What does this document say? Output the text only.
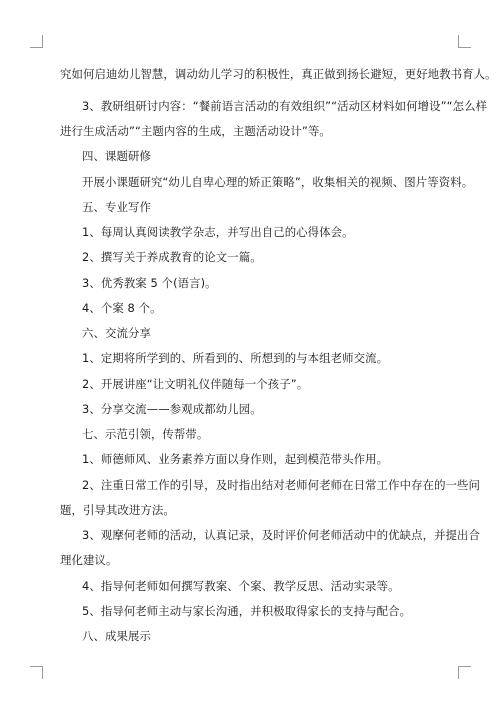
究如何启迪幼儿智慧，调动幼儿学习的积极性，真正做到扬长避短，更好地教书育人。
3、教研组研讨内容：“餐前语言活动的有效组织”“活动区材料如何增设”“怎么样
进行生成活动”“主题内容的生成，主题活动设计”等。
四、课题研修
开展小课题研究“幼儿自卑心理的矫正策略”，收集相关的视频、图片等资料。
五、专业写作
1、每周认真阅读教学杂志，并写出自己的心得体会。
2、撰写关于养成教育的论文一篇。
3、优秀教案 5 个(语言)。
4、个案 8 个。
六、交流分享
1、定期将所学到的、所看到的、所想到的与本组老师交流。
2、开展讲座“让文明礼仪伴随每一个孩子”。
3、分享交流——参观成都幼儿园。
七、示范引领，传帮带。
1、师德师风、业务素养方面以身作则，起到模范带头作用。
2、注重日常工作的引导，及时指出结对老师何老师在日常工作中存在的一些问
题，引导其改进方法。
3、观摩何老师的活动，认真记录，及时评价何老师活动中的优缺点，并提出合
理化建议。
4、指导何老师如何撰写教案、个案、教学反思、活动实录等。
5、指导何老师主动与家长沟通，并积极取得家长的支持与配合。
八、成果展示
